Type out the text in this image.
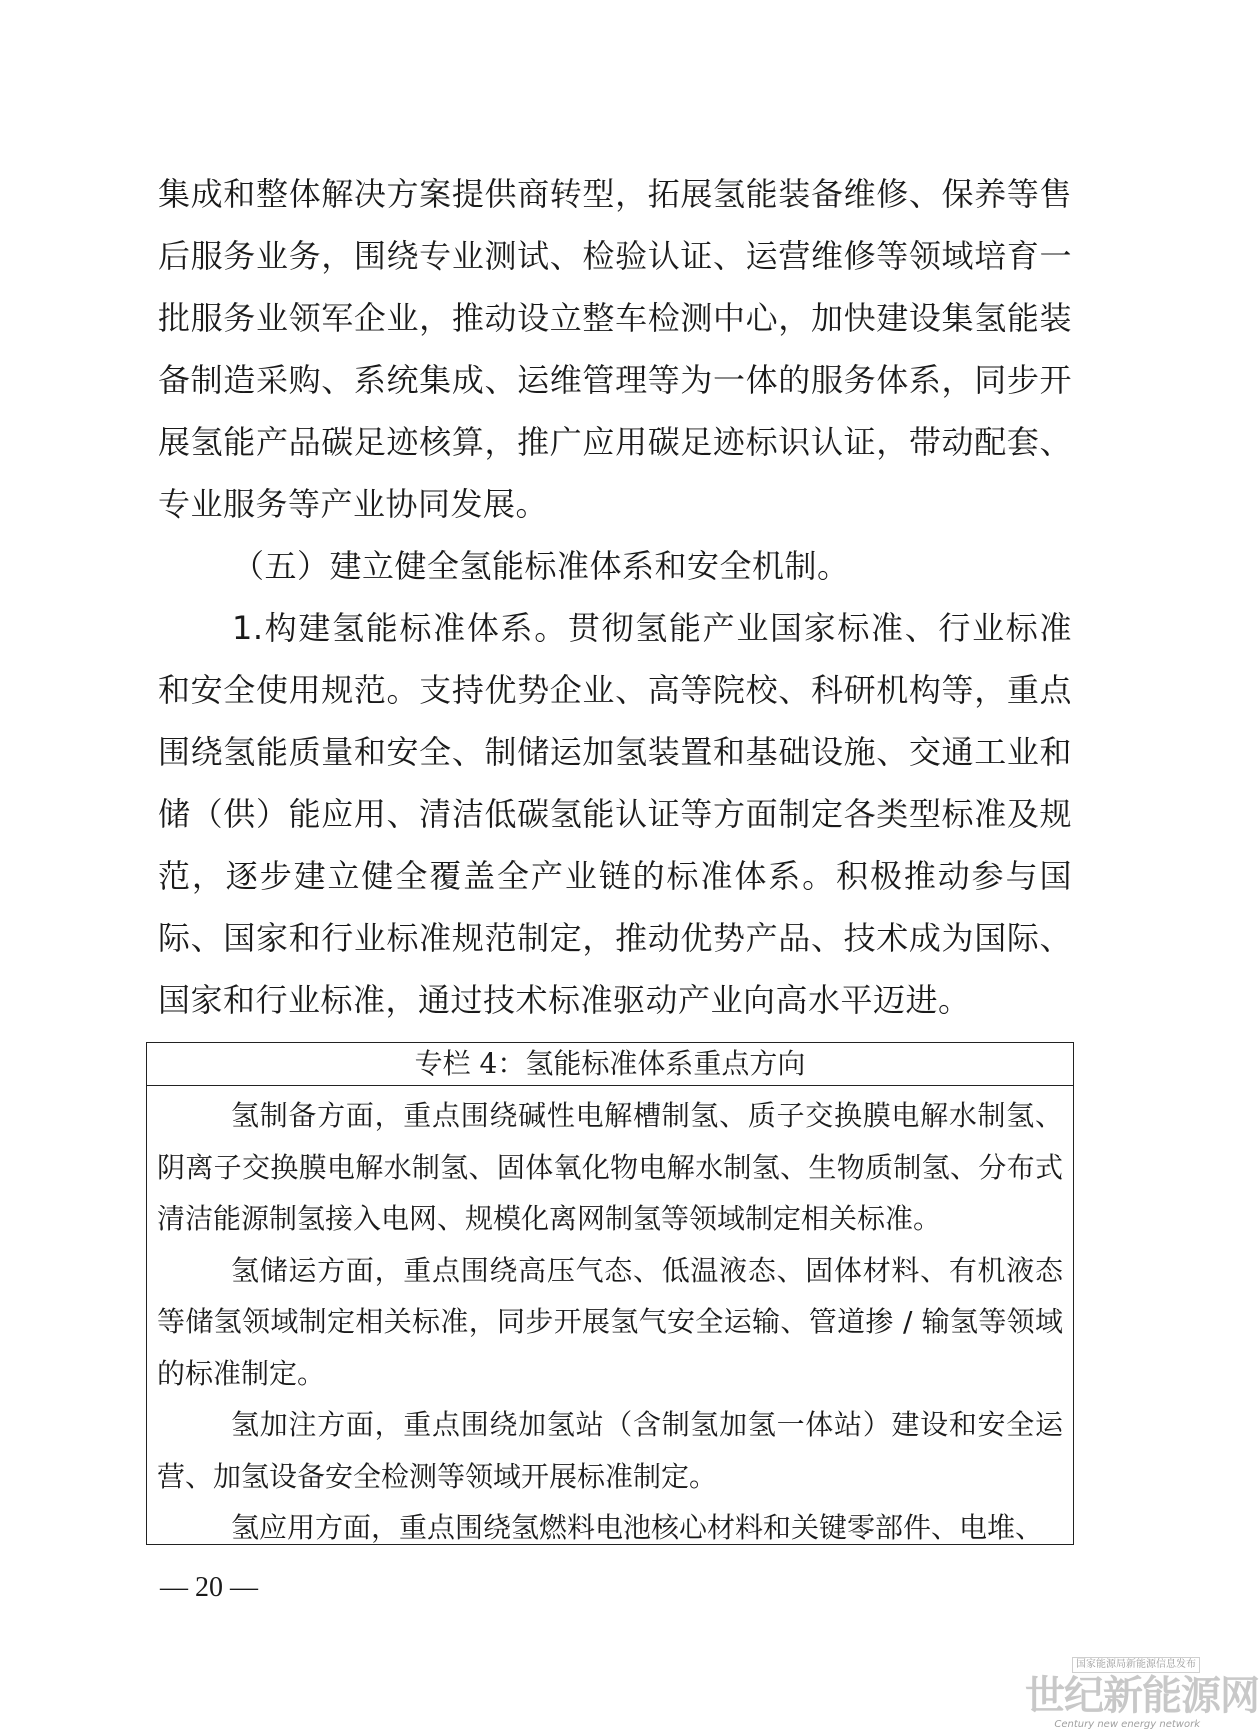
集成和整体解决方案提供商转型，拓展氢能装备维修、保养等售后服务业务，围绕专业测试、检验认证、运营维修等领域培育一批服务业领军企业，推动设立整车检测中心，加快建设集氢能装备制造采购、系统集成、运维管理等为一体的服务体系，同步开展氢能产品碳足迹核算，推广应用碳足迹标识认证，带动配套、专业服务等产业协同发展。

（五）建立健全氢能标准体系和安全机制。

1.构建氢能标准体系。贯彻氢能产业国家标准、行业标准和安全使用规范。支持优势企业、高等院校、科研机构等，重点围绕氢能质量和安全、制储运加氢装置和基础设施、交通工业和储（供）能应用、清洁低碳氢能认证等方面制定各类型标准及规范，逐步建立健全覆盖全产业链的标准体系。积极推动参与国际、国家和行业标准规范制定，推动优势产品、技术成为国际、国家和行业标准，通过技术标准驱动产业向高水平迈进。

专栏 4：氢能标准体系重点方向

氢制备方面，重点围绕碱性电解槽制氢、质子交换膜电解水制氢、阴离子交换膜电解水制氢、固体氧化物电解水制氢、生物质制氢、分布式清洁能源制氢接入电网、规模化离网制氢等领域制定相关标准。

氢储运方面，重点围绕高压气态、低温液态、固体材料、有机液态等储氢领域制定相关标准，同步开展氢气安全运输、管道掺 / 输氢等领域的标准制定。

氢加注方面，重点围绕加氢站（含制氢加氢一体站）建设和安全运营、加氢设备安全检测等领域开展标准制定。

氢应用方面，重点围绕氢燃料电池核心材料和关键零部件、电堆、

— 20 —
国家能源局新能源信息发布
世纪新能源网
Century new energy network
